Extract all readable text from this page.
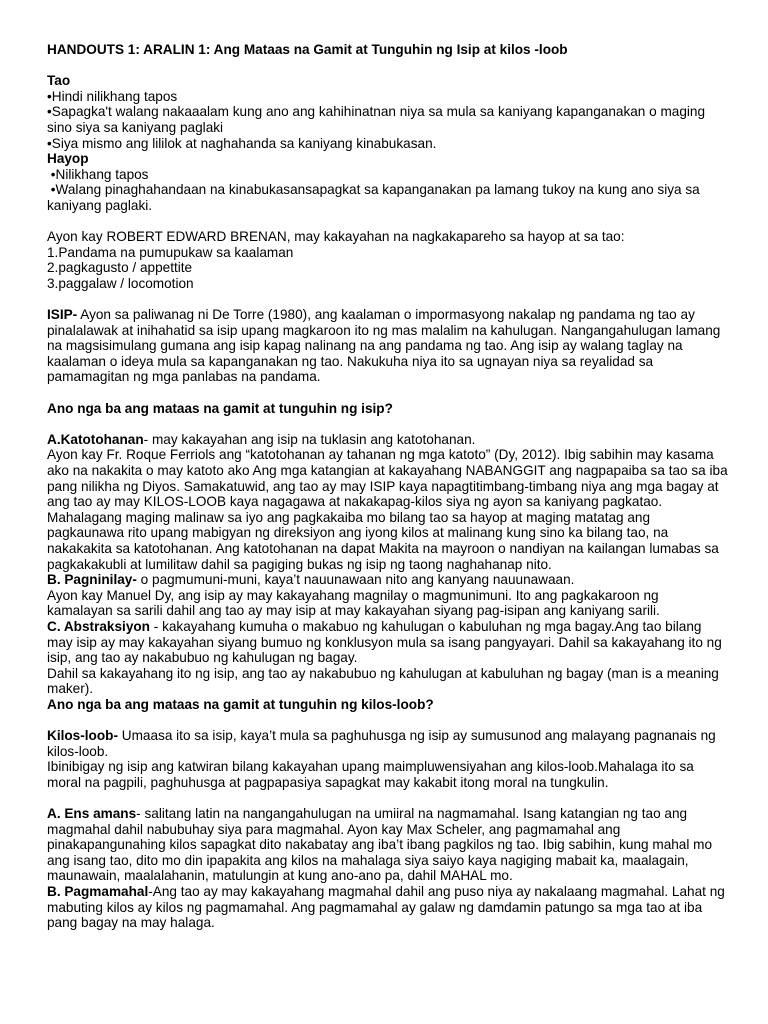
HANDOUTS 1: ARALIN 1: Ang Mataas na Gamit at Tunguhin ng Isip at kilos -loob
Tao
•Hindi nilikhang tapos
•Sapagka't walang nakaaalam kung ano ang kahihinatnan niya sa mula sa kaniyang kapanganakan o maging sino siya sa kaniyang paglaki
•Siya mismo ang lililok at naghahanda sa kaniyang kinabukasan.
Hayop
•Nilikhang tapos
•Walang pinaghahandaan na kinabukasansapagkat sa kapanganakan pa lamang tukoy na kung ano siya sa kaniyang paglaki.
Ayon kay ROBERT EDWARD BRENAN, may kakayahan na nagkakapareho sa hayop at sa tao:
1.Pandama na pumupukaw sa kaalaman
2.pagkagusto / appettite
3.paggalaw / locomotion

ISIP- Ayon sa paliwanag ni De Torre (1980), ang kaalaman o impormasyong nakalap ng pandama ng tao ay pinalalawak at inihahatid sa isip upang magkaroon ito ng mas malalim na kahulugan. Nangangahulugan lamang na magsisimulang gumana ang isip kapag nalinang na ang pandama ng tao. Ang isip ay walang taglay na kaalaman o ideya mula sa kapanganakan ng tao. Nakukuha niya ito sa ugnayan niya sa reyalidad sa pamamagitan ng mga panlabas na pandama.

Ano nga ba ang mataas na gamit at tunguhin ng isip?

A.Katotohanan- may kakayahan ang isip na tuklasin ang katotohanan.

Ayon kay Fr. Roque Ferriols ang “katotohanan ay tahanan ng mga katoto” (Dy, 2012). Ibig sabihin may kasama ako na nakakita o may katoto ako Ang mga katangian at kakayahang NABANGGIT ang nagpapaiba sa tao sa iba pang nilikha ng Diyos. Samakatuwid, ang tao ay may ISIP kaya napagtitimbang-timbang niya ang mga bagay at ang tao ay may KILOS-LOOB kaya nagagawa at nakakapag-kilos siya ng ayon sa kaniyang pagkatao. Mahalagang maging malinaw sa iyo ang pagkakaiba mo bilang tao sa hayop at maging matatag ang pagkaunawa rito upang mabigyan ng direksiyon ang iyong kilos at malinang kung sino ka bilang tao, na nakakakita sa katotohanan. Ang katotohanan na dapat Makita na mayroon o nandiyan na kailangan lumabas sa pagkakakubli at lumilitaw dahil sa pagiging bukas ng isip ng taong naghahanap nito.

B. Pagninilay- o pagmumuni-muni, kaya’t nauunawaan nito ang kanyang nauunawaan.

Ayon kay Manuel Dy, ang isip ay may kakayahang magnilay o magmunimuni. Ito ang pagkakaroon ng kamalayan sa sarili dahil ang tao ay may isip at may kakayahan siyang pag-isipan ang kaniyang sarili.

C. Abstraksiyon - kakayahang kumuha o makabuo ng kahulugan o kabuluhan ng mga bagay.Ang tao bilang may isip ay may kakayahan siyang bumuo ng konklusyon mula sa isang pangyayari. Dahil sa kakayahang ito ng isip, ang tao ay nakabubuo ng kahulugan ng bagay.

Dahil sa kakayahang ito ng isip, ang tao ay nakabubuo ng kahulugan at kabuluhan ng bagay (man is a meaning maker).
Ano nga ba ang mataas na gamit at tunguhin ng kilos-loob?

Kilos-loob- Umaasa ito sa isip, kaya’t mula sa paghuhusga ng isip ay sumusunod ang malayang pagnanais ng kilos-loob.

Ibinibigay ng isip ang katwiran bilang kakayahan upang maimpluwensiyahan ang kilos-loob.Mahalaga ito sa moral na pagpili, paghuhusga at pagpapasiya sapagkat may kakabit itong moral na tungkulin.

A. Ens amans- salitang latin na nangangahulugan na umiiral na nagmamahal. Isang katangian ng tao ang magmahal dahil nabubuhay siya para magmahal. Ayon kay Max Scheler, ang pagmamahal ang pinakapangunahing kilos sapagkat dito nakabatay ang iba’t ibang pagkilos ng tao. Ibig sabihin, kung mahal mo ang isang tao, dito mo din ipapakita ang kilos na mahalaga siya saiyo kaya nagiging mabait ka, maalagain, maunawain, maalalahanin, matulungin at kung ano-ano pa, dahil MAHAL mo.

B. Pagmamahal-Ang tao ay may kakayahang magmahal dahil ang puso niya ay nakalaang magmahal. Lahat ng mabuting kilos ay kilos ng pagmamahal. Ang pagmamahal ay galaw ng damdamin patungo sa mga tao at iba pang bagay na may halaga.
